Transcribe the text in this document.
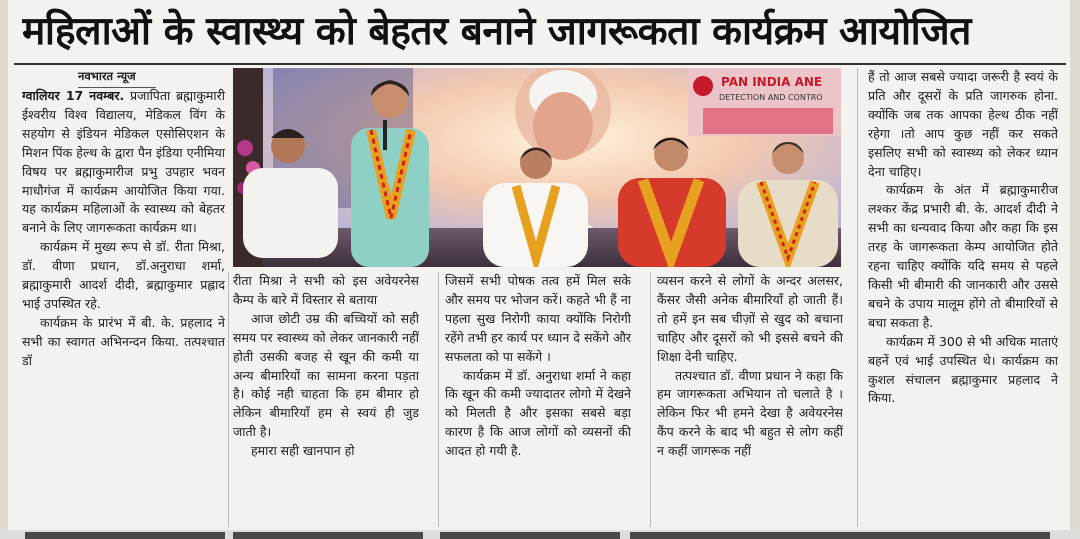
महिलाओं के स्वास्थ्य को बेहतर बनाने जागरूकता कार्यक्रम आयोजित
नवभारत न्यूज

ग्वालियर 17 नवम्बर. प्रजापिता ब्रह्माकुमारी ईश्वरीय विश्व विद्यालय, मेडिकल विंग के सहयोग से इंडियन मेडिकल एसोसिएशन के मिशन पिंक हेल्थ के द्वारा पैन इंडिया एनीमिया विषय पर ब्रह्माकुमारीज प्रभु उपहार भवन माधौगंज में कार्यक्रम आयोजित किया गया. यह कार्यक्रम महिलाओं के स्वास्थ्य को बेहतर बनाने के लिए जागरूकता कार्यक्रम था।

कार्यक्रम में मुख्य रूप से डॉ. रीता मिश्रा, डॉ. वीणा प्रधान, डॉ.अनुराधा शर्मा, ब्रह्माकुमारी आदर्श दीदी, ब्रह्माकुमार प्रह्लाद भाई उपस्थित रहे.

कार्यक्रम के प्रारंभ में बी. के. प्रहलाद ने सभी का स्वागत अभिनन्दन किया. तत्पश्चात डॉ

PAN INDIA ANE
DETECTION AND CONTRO

रीता मिश्रा ने सभी को इस अवेयरनेस कैम्प के बारे में विस्तार से बताया

आज छोटी उम्र की बच्चियों को सही समय पर स्वास्थ्य को लेकर जानकारी नहीं होती उसकी बजह से खून की कमी या अन्य बीमारियों का सामना करना पड़ता है। कोई नही चाहता कि हम बीमार हो लेकिन बीमारियाँ हम से स्वयं ही जुड जाती है।

हमारा सही खानपान हो

जिसमें सभी पोषक तत्व हमें मिल सके और समय पर भोजन करें। कहते भी हैं ना पहला सुख निरोगी काया क्योंकि निरोगी रहेंगे तभी हर कार्य पर ध्यान दे सकेंगे और सफलता को पा सकेंगे ।

कार्यक्रम में डॉ. अनुराधा शर्मा ने कहा कि खून की कमी ज्यादातर लोगो में देखने को मिलती है और इसका सबसे बड़ा कारण है कि आज लोगों को व्यसनों की आदत हो गयी है.

व्यसन करने से लोगों के अन्दर अलसर, कैंसर जैसी अनेक बीमारियाँ हो जाती हैं। तो हमें इन सब चीज़ों से खुद को बचाना चाहिए और दूसरों को भी इससे बचने की शिक्षा देनी चाहिए.

तत्पश्चात डॉ. वीणा प्रधान ने कहा कि हम जागरूकता अभियान तो चलाते है । लेकिन फिर भी हमने देखा है अवेयरनेस कैंप करने के बाद भी बहुत से लोग कहीं न कहीं जागरूक नहीं

हैं तो आज सबसे ज्यादा जरूरी है स्वयं के प्रति और दूसरों के प्रति जागरुक होना. क्योंकि जब तक आपका हेल्थ ठीक नहीं रहेगा ।तो आप कुछ नहीं कर सकते इसलिए सभी को स्वास्थ्य को लेकर ध्यान देना चाहिए।

कार्यक्रम के अंत में ब्रह्माकुमारीज लश्कर केंद्र प्रभारी बी. के. आदर्श दीदी ने सभी का धन्यवाद किया और कहा कि इस तरह के जागरूकता केम्प आयोजित होते रहना चाहिए क्योंकि यदि समय से पहले किसी भी बीमारी की जानकारी और उससे बचने के उपाय मालूम होंगे तो बीमारियों से बचा सकता है.

कार्यक्रम में 300 से भी अधिक माताएं बहनें एवं भाई उपस्थित थे। कार्यक्रम का कुशल संचालन ब्रह्माकुमार प्रहलाद ने किया.
